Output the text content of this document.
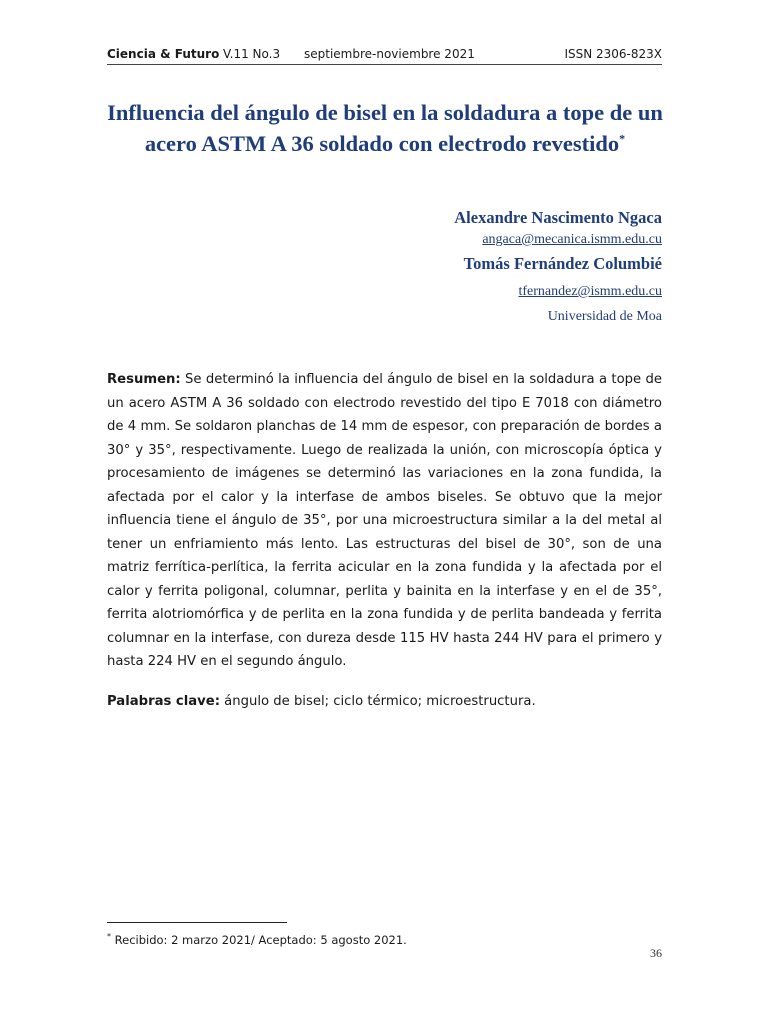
Ciencia & Futuro V.11 No.3 septiembre-noviembre 2021	ISSN 2306-823X
Influencia del ángulo de bisel en la soldadura a tope de un acero ASTM A 36 soldado con electrodo revestido*
Alexandre Nascimento Ngaca
angaca@mecanica.ismm.edu.cu
Tomás Fernández Columbié
tfernandez@ismm.edu.cu
Universidad de Moa
Resumen: Se determinó la influencia del ángulo de bisel en la soldadura a tope de un acero ASTM A 36 soldado con electrodo revestido del tipo E 7018 con diámetro de 4 mm. Se soldaron planchas de 14 mm de espesor, con preparación de bordes a 30° y 35°, respectivamente. Luego de realizada la unión, con microscopía óptica y procesamiento de imágenes se determinó las variaciones en la zona fundida, la afectada por el calor y la interfase de ambos biseles. Se obtuvo que la mejor influencia tiene el ángulo de 35°, por una microestructura similar a la del metal al tener un enfriamiento más lento. Las estructuras del bisel de 30°, son de una matriz ferrítica-perlítica, la ferrita acicular en la zona fundida y la afectada por el calor y ferrita poligonal, columnar, perlita y bainita en la interfase y en el de 35°, ferrita alotriomórfica y de perlita en la zona fundida y de perlita bandeada y ferrita columnar en la interfase, con dureza desde 115 HV hasta 244 HV para el primero y hasta 224 HV en el segundo ángulo.
Palabras clave: ángulo de bisel; ciclo térmico; microestructura.
* Recibido: 2 marzo 2021/ Aceptado: 5 agosto 2021.
36
